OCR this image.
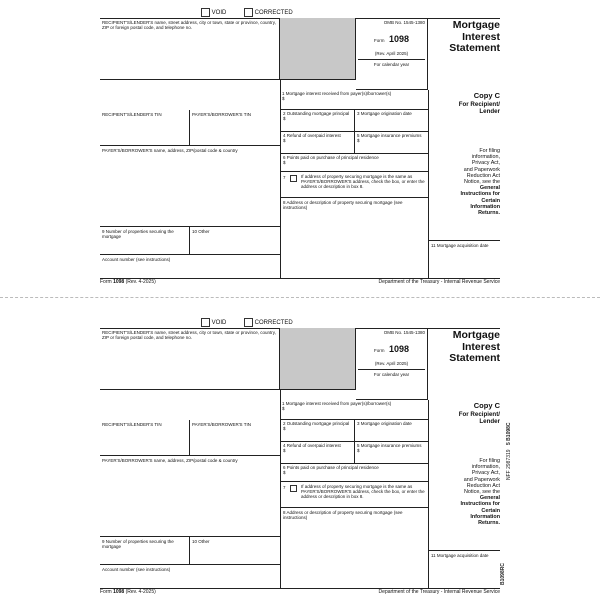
VOID	CORRECTED
RECIPIENT'S/LENDER'S name, street address, city or town, state or province, country, ZIP or foreign postal code, and telephone no.
OMB No. 1545-1380
Form 1098
(Rev. April 2025)
For calendar year
Mortgage
Interest
Statement
1 Mortgage interest received from payer(s)/borrower(s)
$
RECIPIENT'S/LENDER'S TIN	PAYER'S/BORROWER'S TIN	2 Outstanding mortgage principal
$
3 Mortgage origination date
4 Refund of overpaid interest
$
5 Mortgage insurance premiums
$
PAYER'S/BORROWER'S name, address, ZIP/postal code & country
6 Points paid on purchase of principal residence
$
7	If address of property securing mortgage is the same as PAYER'S/BORROWER'S address, check the box, or enter the address or description in box 8.
8 Address or description of property securing mortgage (see instructions)
9 Number of properties securing the mortgage
10 Other
Account number (see instructions)
11 Mortgage acquisition date
Copy C
For Recipient/
Lender
For filing
information,
Privacy Act,
and Paperwork
Reduction Act
Notice, see the
General
Instructions for
Certain
Information
Returns.
Form 1098 (Rev. 4-2025)	Department of the Treasury - Internal Revenue Service
VOID	CORRECTED
RECIPIENT'S/LENDER'S name, street address, city or town, state or province, country, ZIP or foreign postal code, and telephone no.
OMB No. 1545-1380
Form 1098
(Rev. April 2025)
For calendar year
Mortgage
Interest
Statement
1 Mortgage interest received from payer(s)/borrower(s)
$
RECIPIENT'S/LENDER'S TIN	PAYER'S/BORROWER'S TIN	2 Outstanding mortgage principal
$
3 Mortgage origination date
4 Refund of overpaid interest
$
5 Mortgage insurance premiums
$
PAYER'S/BORROWER'S name, address, ZIP/postal code & country
6 Points paid on purchase of principal residence
$
7	If address of property securing mortgage is the same as PAYER'S/BORROWER'S address, check the box, or enter the address or description in box 8.
8 Address or description of property securing mortgage (see instructions)
9 Number of properties securing the mortgage
10 Other
Account number (see instructions)
11 Mortgage acquisition date
Copy C
For Recipient/
Lender
For filing
information,
Privacy Act,
and Paperwork
Reduction Act
Notice, see the
General
Instructions for
Certain
Information
Returns.
Form 1098 (Rev. 4-2025)	Department of the Treasury - Internal Revenue Service
NFF 2987319
5 B1098C
B1098RC
